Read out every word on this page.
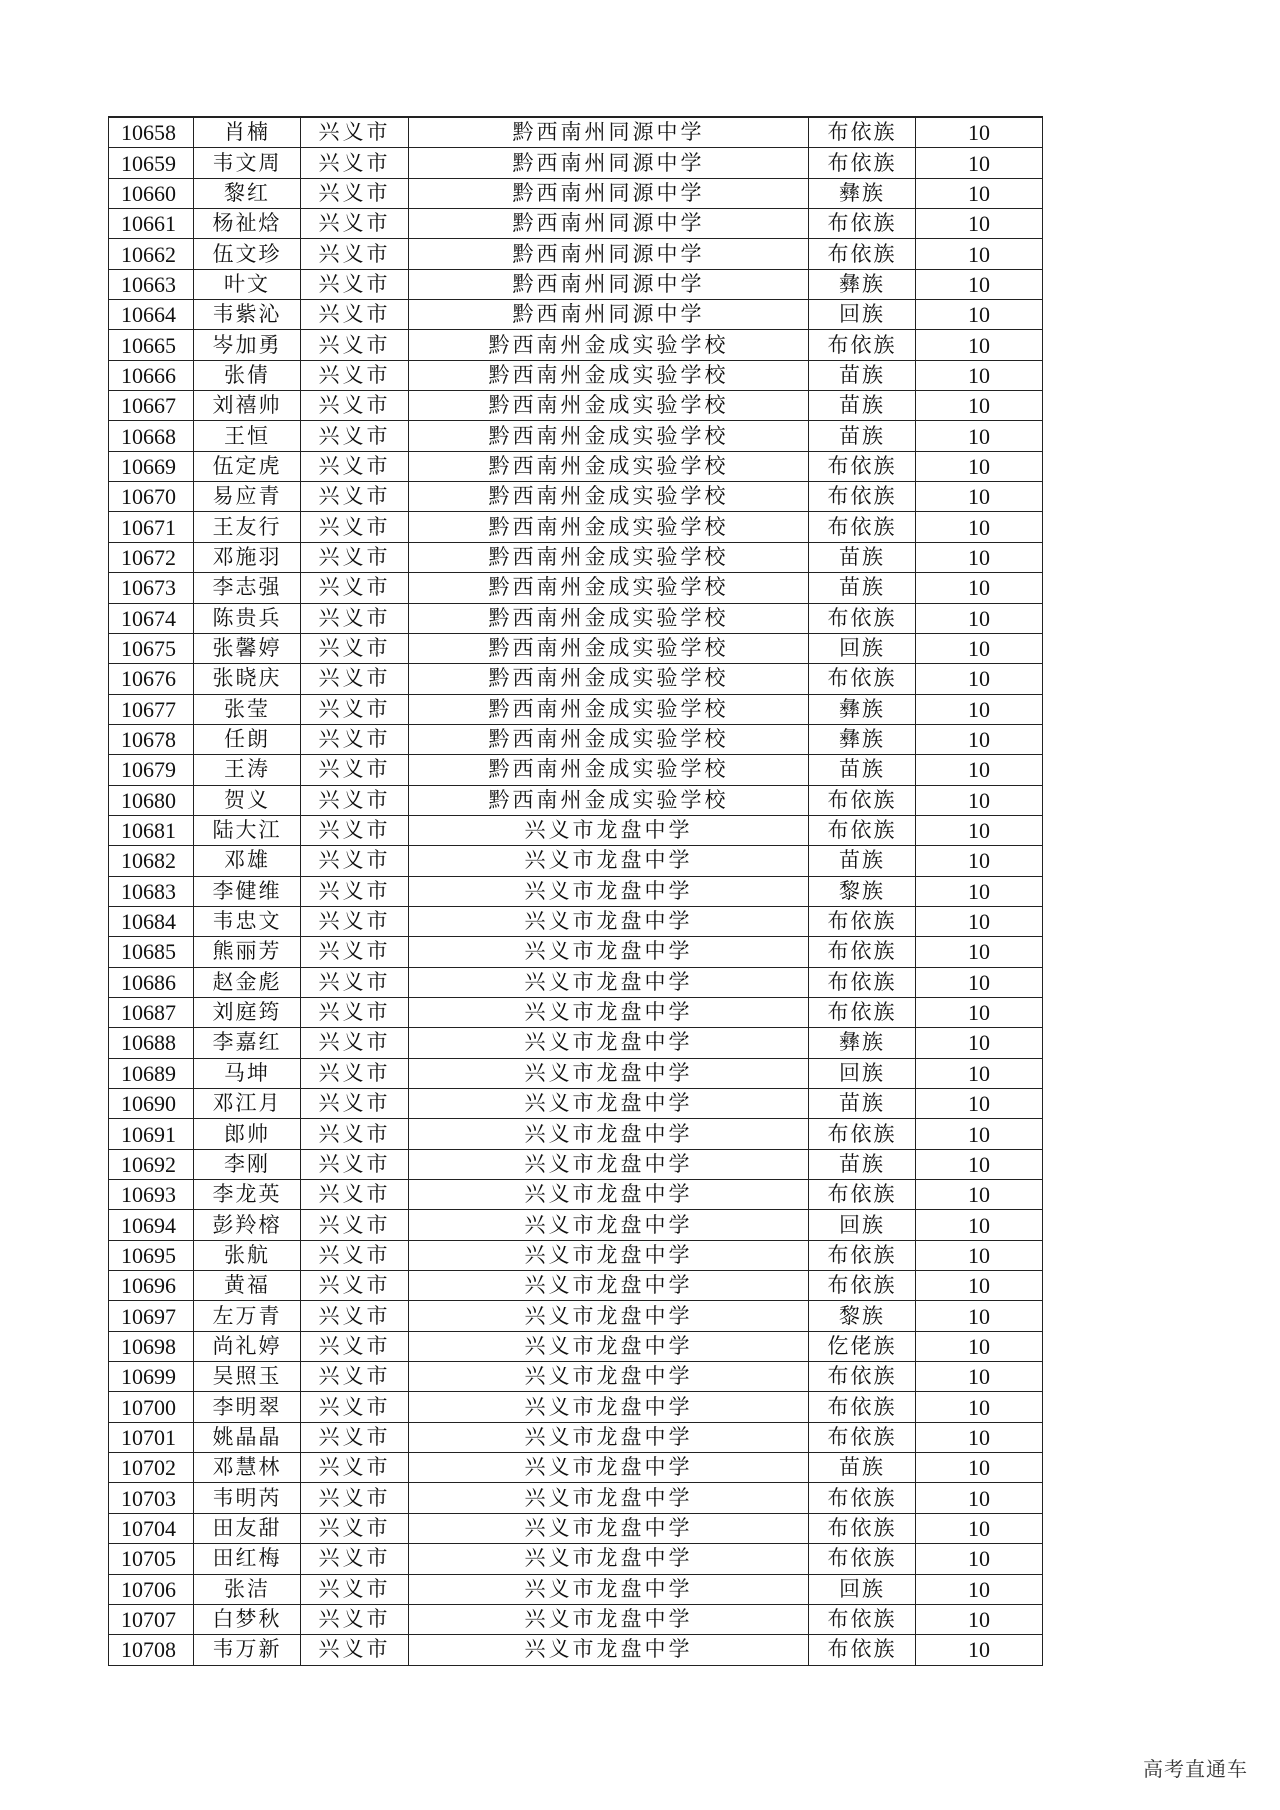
10658	肖楠	兴义市	黔西南州同源中学	布依族	10
10659	韦文周	兴义市	黔西南州同源中学	布依族	10
10660	黎红	兴义市	黔西南州同源中学	彝族	10
10661	杨祉焓	兴义市	黔西南州同源中学	布依族	10
10662	伍文珍	兴义市	黔西南州同源中学	布依族	10
10663	叶文	兴义市	黔西南州同源中学	彝族	10
10664	韦紫沁	兴义市	黔西南州同源中学	回族	10
10665	岑加勇	兴义市	黔西南州金成实验学校	布依族	10
10666	张倩	兴义市	黔西南州金成实验学校	苗族	10
10667	刘禧帅	兴义市	黔西南州金成实验学校	苗族	10
10668	王恒	兴义市	黔西南州金成实验学校	苗族	10
10669	伍定虎	兴义市	黔西南州金成实验学校	布依族	10
10670	易应青	兴义市	黔西南州金成实验学校	布依族	10
10671	王友行	兴义市	黔西南州金成实验学校	布依族	10
10672	邓施羽	兴义市	黔西南州金成实验学校	苗族	10
10673	李志强	兴义市	黔西南州金成实验学校	苗族	10
10674	陈贵兵	兴义市	黔西南州金成实验学校	布依族	10
10675	张馨婷	兴义市	黔西南州金成实验学校	回族	10
10676	张晓庆	兴义市	黔西南州金成实验学校	布依族	10
10677	张莹	兴义市	黔西南州金成实验学校	彝族	10
10678	任朗	兴义市	黔西南州金成实验学校	彝族	10
10679	王涛	兴义市	黔西南州金成实验学校	苗族	10
10680	贺义	兴义市	黔西南州金成实验学校	布依族	10
10681	陆大江	兴义市	兴义市龙盘中学	布依族	10
10682	邓雄	兴义市	兴义市龙盘中学	苗族	10
10683	李健维	兴义市	兴义市龙盘中学	黎族	10
10684	韦忠文	兴义市	兴义市龙盘中学	布依族	10
10685	熊丽芳	兴义市	兴义市龙盘中学	布依族	10
10686	赵金彪	兴义市	兴义市龙盘中学	布依族	10
10687	刘庭筠	兴义市	兴义市龙盘中学	布依族	10
10688	李嘉红	兴义市	兴义市龙盘中学	彝族	10
10689	马坤	兴义市	兴义市龙盘中学	回族	10
10690	邓江月	兴义市	兴义市龙盘中学	苗族	10
10691	郎帅	兴义市	兴义市龙盘中学	布依族	10
10692	李刚	兴义市	兴义市龙盘中学	苗族	10
10693	李龙英	兴义市	兴义市龙盘中学	布依族	10
10694	彭羚榕	兴义市	兴义市龙盘中学	回族	10
10695	张航	兴义市	兴义市龙盘中学	布依族	10
10696	黄福	兴义市	兴义市龙盘中学	布依族	10
10697	左万青	兴义市	兴义市龙盘中学	黎族	10
10698	尚礼婷	兴义市	兴义市龙盘中学	仡佬族	10
10699	吴照玉	兴义市	兴义市龙盘中学	布依族	10
10700	李明翠	兴义市	兴义市龙盘中学	布依族	10
10701	姚晶晶	兴义市	兴义市龙盘中学	布依族	10
10702	邓慧林	兴义市	兴义市龙盘中学	苗族	10
10703	韦明芮	兴义市	兴义市龙盘中学	布依族	10
10704	田友甜	兴义市	兴义市龙盘中学	布依族	10
10705	田红梅	兴义市	兴义市龙盘中学	布依族	10
10706	张洁	兴义市	兴义市龙盘中学	回族	10
10707	白梦秋	兴义市	兴义市龙盘中学	布依族	10
10708	韦万新	兴义市	兴义市龙盘中学	布依族	10
高考直通车
